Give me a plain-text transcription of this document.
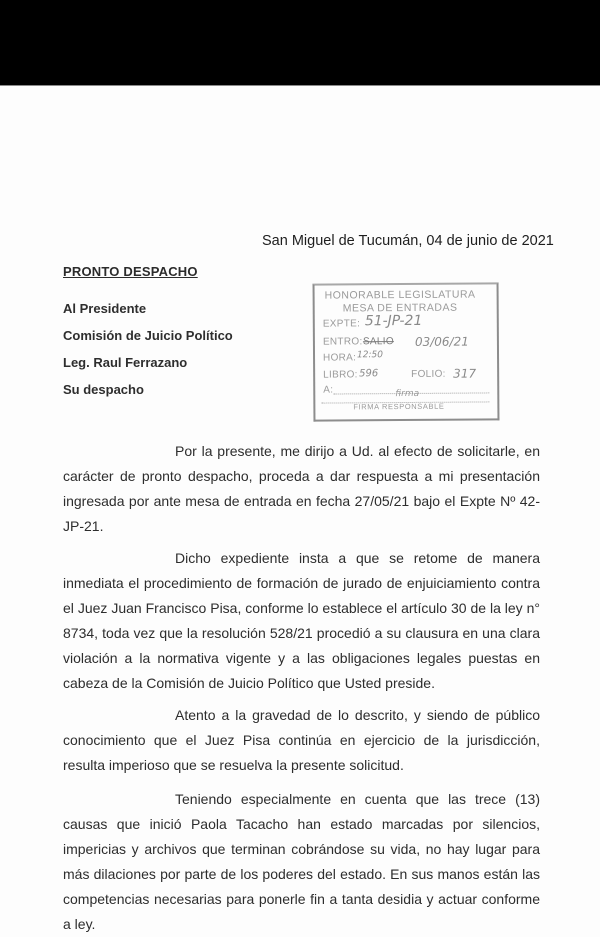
San Miguel de Tucumán, 04 de junio de 2021
PRONTO DESPACHO
Al Presidente
Comisión de Juicio Político
Leg. Raul Ferrazano
Su despacho
HONORABLE LEGISLATURA
MESA DE ENTRADAS
EXPTE: 51-JP-21
ENTRO: SALIO 03/06/21
HORA: 12:50
LIBRO: 596	FOLIO: 317
A:	firma
FIRMA RESPONSABLE
Por la presente, me dirijo a Ud. al efecto de solicitarle, en carácter de pronto despacho, proceda a dar respuesta a mi presentación ingresada por ante mesa de entrada en fecha 27/05/21 bajo el Expte Nº 42-JP-21.
Dicho expediente insta a que se retome de manera inmediata el procedimiento de formación de jurado de enjuiciamiento contra el Juez Juan Francisco Pisa, conforme lo establece el artículo 30 de la ley n° 8734, toda vez que la resolución 528/21 procedió a su clausura en una clara violación a la normativa vigente y a las obligaciones legales puestas en cabeza de la Comisión de Juicio Político que Usted preside.
Atento a la gravedad de lo descrito, y siendo de público conocimiento que el Juez Pisa continúa en ejercicio de la jurisdicción, resulta imperioso que se resuelva la presente solicitud.
Teniendo especialmente en cuenta que las trece (13) causas que inició Paola Tacacho han estado marcadas por silencios, impericias y archivos que terminan cobrándose su vida, no hay lugar para más dilaciones por parte de los poderes del estado. En sus manos están las competencias necesarias para ponerle fin a tanta desidia y actuar conforme a ley.
